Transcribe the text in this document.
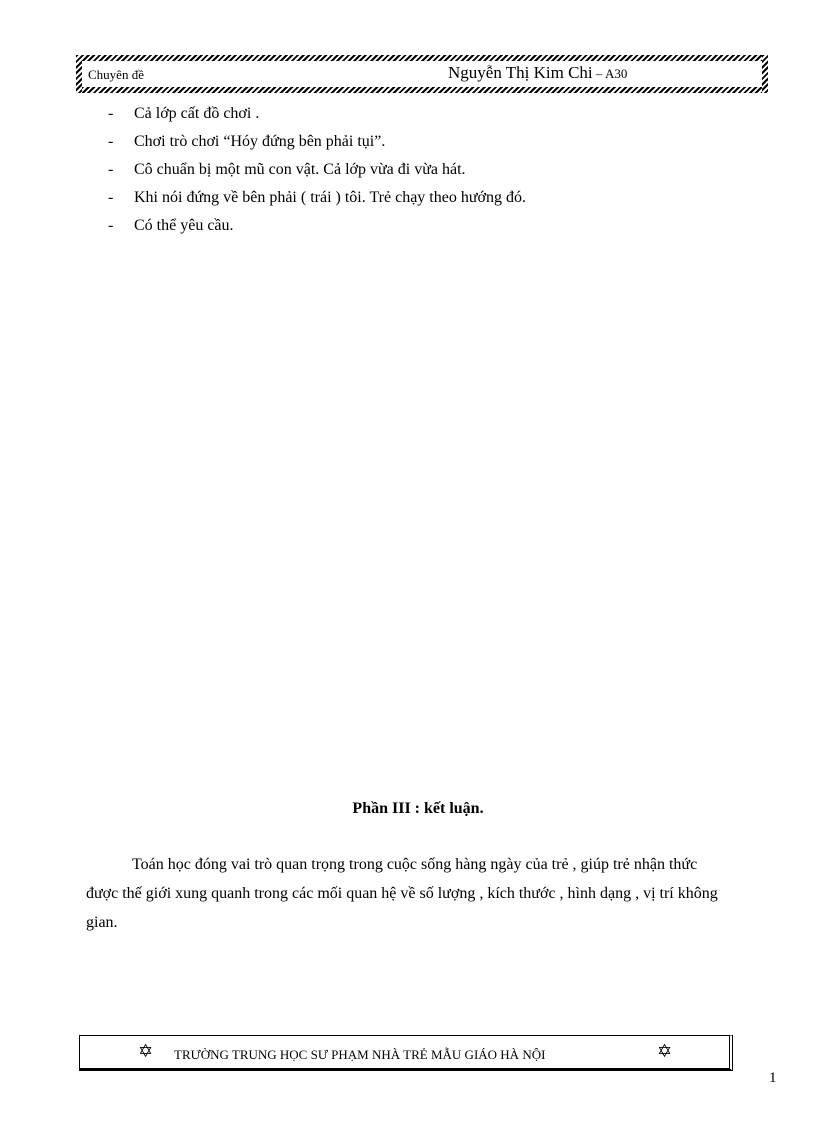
Chuyên đề	Nguyễn Thị Kim Chi – A30
- Cả lớp cất đồ chơi .
- Chơi trò chơi “Hóy đứng bên phải tụi”.
- Cô chuẩn bị một mũ con vật. Cả lớp vừa đi vừa hát.
- Khi nói đứng về bên phải ( trái ) tôi. Trẻ chạy theo hướng đó.
- Có thể yêu cầu.
Phần III : kết luận.

Toán học đóng vai trò quan trọng trong cuộc sống hàng ngày của trẻ , giúp trẻ nhận thức được thế giới xung quanh trong các mối quan hệ về số lượng , kích thước , hình dạng , vị trí không gian.

✡ TRƯỜNG TRUNG HỌC SƯ PHẠM NHÀ TRẺ MẪU GIÁO HÀ NỘI	✡
1
